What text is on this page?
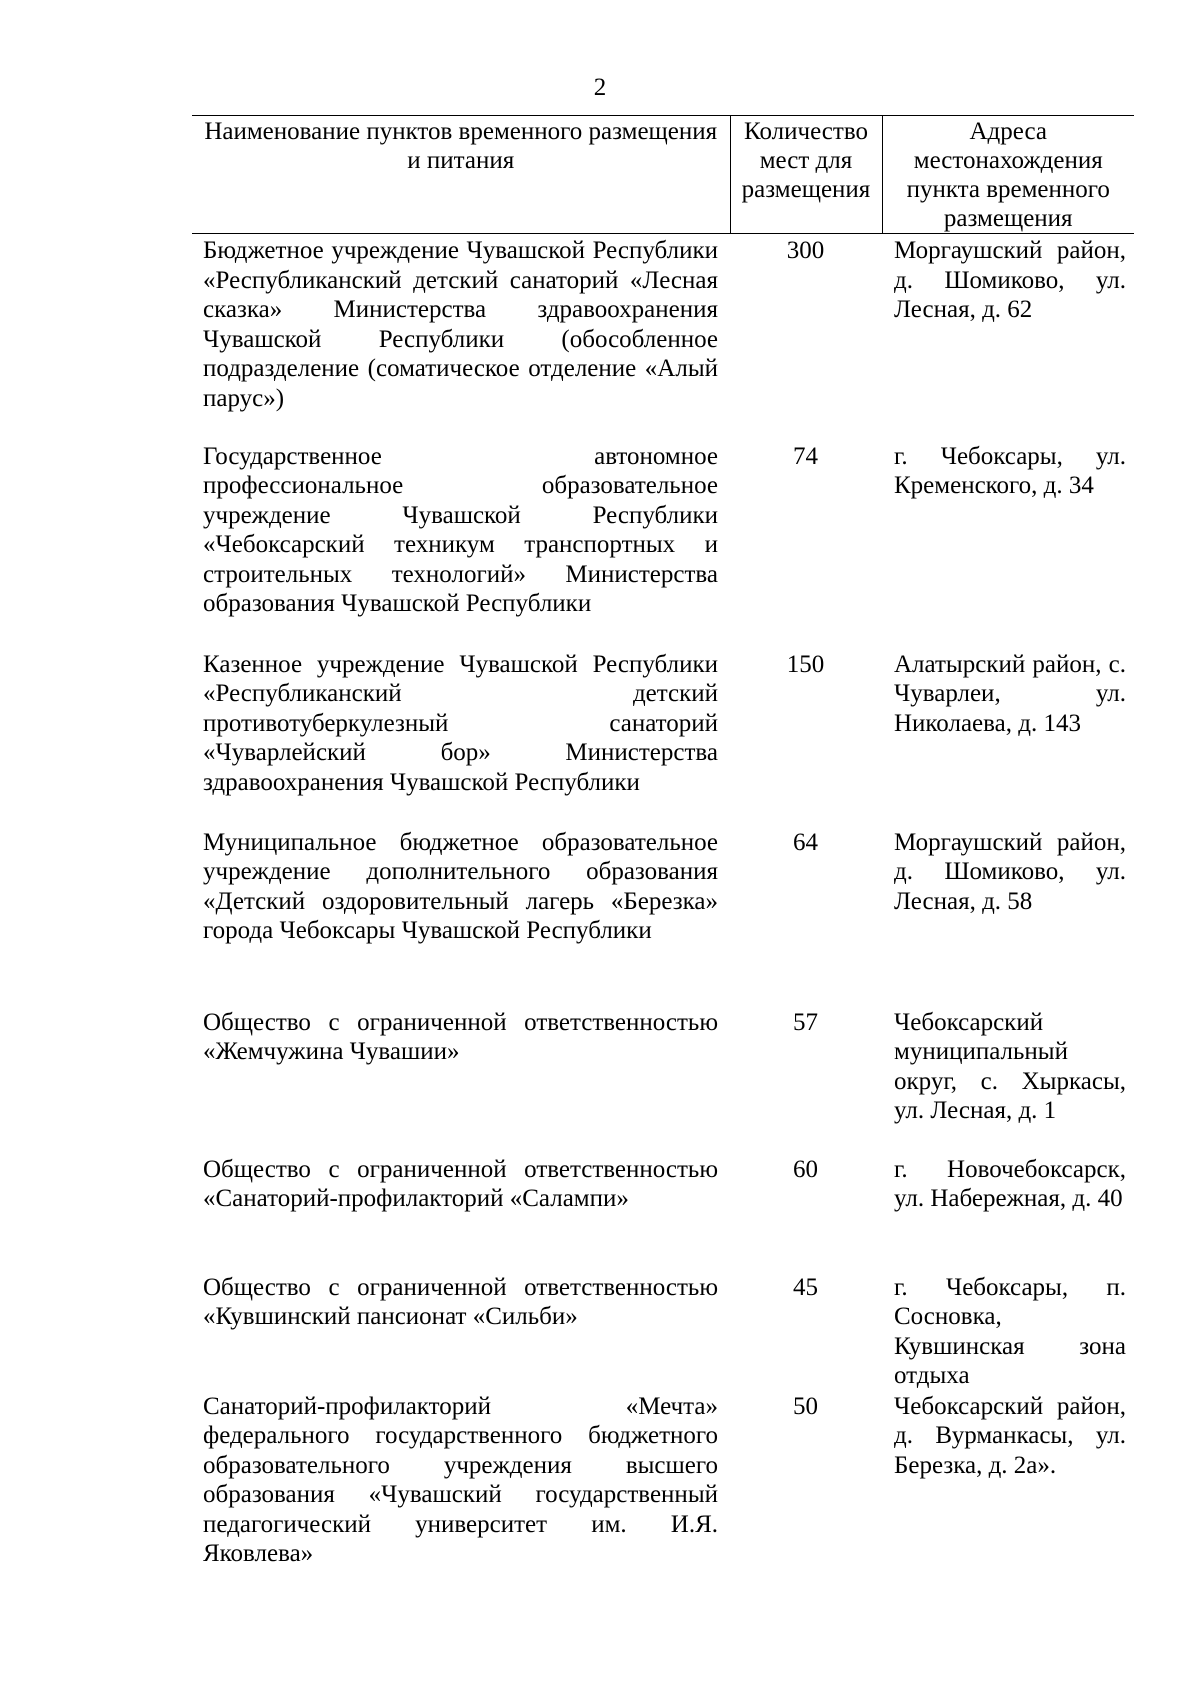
2
Наименование пунктов временного размещения и питания	Количество мест для размещения	Адреса местонахождения пункта временного размещения
Бюджетное учреждение Чувашской Республики «Республиканский детский санаторий «Лесная сказка» Министерства здравоохранения Чувашской Республики (обособленное подразделение (соматическое отделение «Алый парус»)	300	Моргаушский район, д. Шомиково, ул. Лесная, д. 62
Государственное автономное профессиональное образовательное учреждение Чувашской Республики «Чебоксарский техникум транспортных и строительных технологий» Министерства образования Чувашской Республики	74	г. Чебоксары, ул. Кременского, д. 34
Казенное учреждение Чувашской Республики «Республиканский детский противотуберкулезный санаторий «Чуварлейский бор» Министерства здравоохранения Чувашской Республики	150	Алатырский район, с. Чуварлеи, ул. Николаева, д. 143
Муниципальное бюджетное образовательное учреждение дополнительного образования «Детский оздоровительный лагерь «Березка» города Чебоксары Чувашской Республики	64	Моргаушский район, д. Шомиково, ул. Лесная, д. 58
Общество с ограниченной ответственностью «Жемчужина Чувашии»	57	Чебоксарский муниципальный округ, с. Хыркасы, ул. Лесная, д. 1
Общество с ограниченной ответственностью «Санаторий-профилакторий «Салампи»	60	г. Новочебоксарск, ул. Набережная, д. 40
Общество с ограниченной ответственностью «Кувшинский пансионат «Сильби»	45	г. Чебоксары, п. Сосновка, Кувшинская зона отдыха
Санаторий-профилакторий «Мечта» федерального государственного бюджетного образовательного учреждения высшего образования «Чувашский государственный педагогический университет им. И.Я. Яковлева»	50	Чебоксарский район, д. Вурманкасы, ул. Березка, д. 2а».
